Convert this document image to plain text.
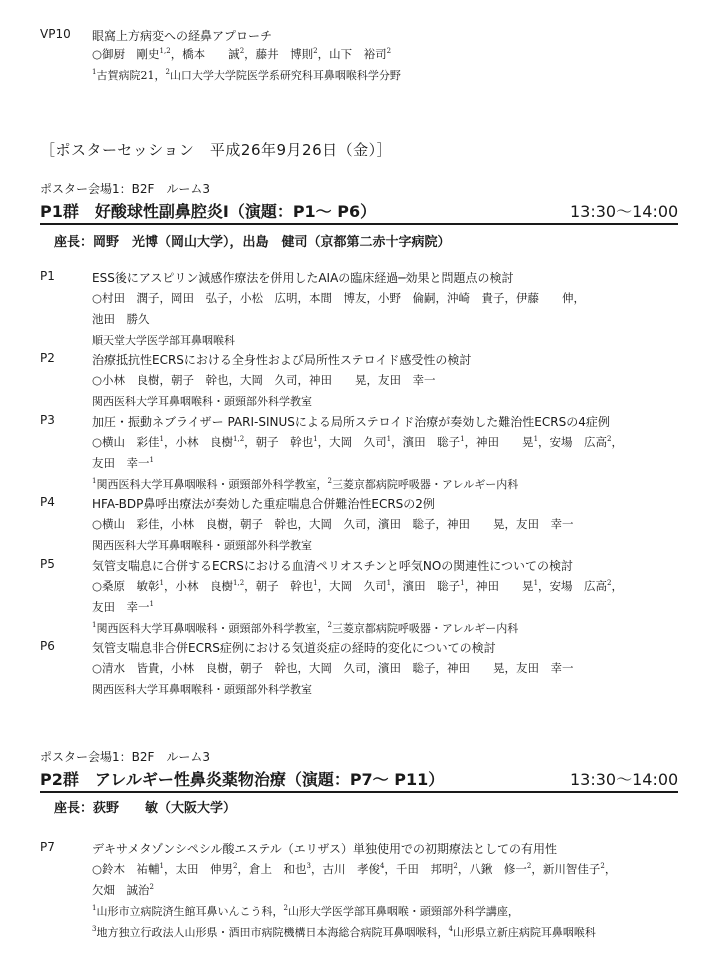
VP10 眼窩上方病変への経鼻アプローチ
○御厨　剛史$^{1,2}$，橋本　　誠$^2$，藤井　博則$^2$，山下　裕司$^2$
$^1$古賀病院21，$^2$山口大学大学院医学系研究科耳鼻咽喉科学分野
［ポスターセッション　平成26年9月26日（金）］
ポスター会場1：B2F　ルーム3
P1群　好酸球性副鼻腔炎Ⅰ（演題：P1〜 P6）	13:30〜14:00
座長：岡野　光博（岡山大学），出島　健司（京都第二赤十字病院）
P1	ESS後にアスピリン減感作療法を併用したAIAの臨床経過─効果と問題点の検討
○村田　潤子，岡田　弘子，小松　広明，本間　博友，小野　倫嗣，沖崎　貴子，伊藤　　伸，
池田　勝久
順天堂大学医学部耳鼻咽喉科
P2	治療抵抗性ECRSにおける全身性および局所性ステロイド感受性の検討
○小林　良樹，朝子　幹也，大岡　久司，神田　　晃，友田　幸一
関西医科大学耳鼻咽喉科・頭頸部外科学教室
P3	加圧・振動ネブライザー PARI-SINUSによる局所ステロイド治療が奏効した難治性ECRSの4症例
○横山　彩佳$^1$，小林　良樹$^{1,2}$，朝子　幹也$^1$，大岡　久司$^1$，濱田　聡子$^1$，神田　　晃$^1$，安場　広高$^2$，
友田　幸一$^1$
$^1$関西医科大学耳鼻咽喉科・頭頸部外科学教室，$^2$三菱京都病院呼吸器・アレルギー内科
P4	HFA-BDP鼻呼出療法が奏効した重症喘息合併難治性ECRSの2例
○横山　彩佳，小林　良樹，朝子　幹也，大岡　久司，濱田　聡子，神田　　晃，友田　幸一
関西医科大学耳鼻咽喉科・頭頸部外科学教室
P5	気管支喘息に合併するECRSにおける血清ペリオスチンと呼気NOの関連性についての検討
○桑原　敏彰$^1$，小林　良樹$^{1,2}$，朝子　幹也$^1$，大岡　久司$^1$，濱田　聡子$^1$，神田　　晃$^1$，安場　広高$^2$，
友田　幸一$^1$
$^1$関西医科大学耳鼻咽喉科・頭頸部外科学教室，$^2$三菱京都病院呼吸器・アレルギー内科
P6	気管支喘息非合併ECRS症例における気道炎症の経時的変化についての検討
○清水　皆貴，小林　良樹，朝子　幹也，大岡　久司，濱田　聡子，神田　　晃，友田　幸一
関西医科大学耳鼻咽喉科・頭頸部外科学教室
ポスター会場1：B2F　ルーム3
P2群　アレルギー性鼻炎薬物治療（演題：P7〜 P11）	13:30〜14:00
座長：荻野　　敏（大阪大学）
P7	デキサメタゾンシペシル酸エステル（エリザス）単独使用での初期療法としての有用性
○鈴木　祐輔$^1$，太田　伸男$^2$，倉上　和也$^3$，古川　孝俊$^4$，千田　邦明$^2$，八鍬　修一$^2$，新川智佳子$^2$，
欠畑　誠治$^2$
$^1$山形市立病院済生館耳鼻いんこう科，$^2$山形大学医学部耳鼻咽喉・頭頸部外科学講座，
$^3$地方独立行政法人山形県・酒田市病院機構日本海総合病院耳鼻咽喉科，$^4$山形県立新庄病院耳鼻咽喉科
